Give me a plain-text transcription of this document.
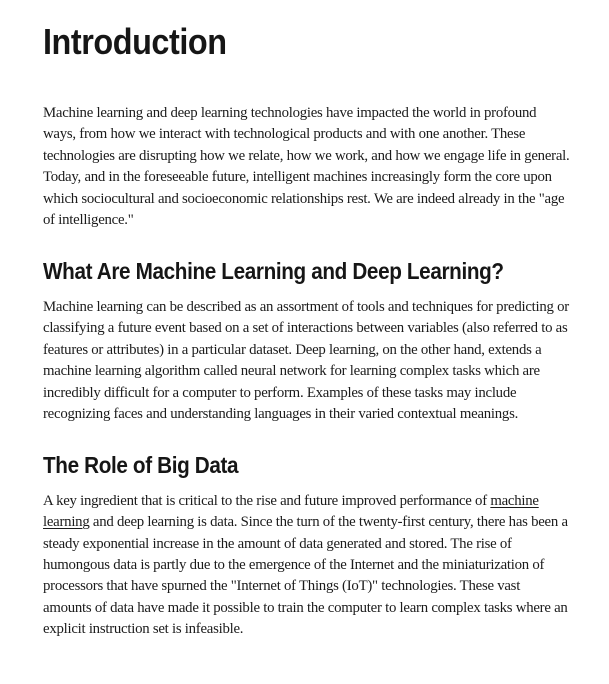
Introduction

Machine learning and deep learning technologies have impacted the world in profound ways, from how we interact with technological products and with one another. These technologies are disrupting how we relate, how we work, and how we engage life in general. Today, and in the foreseeable future, intelligent machines increasingly form the core upon which sociocultural and socioeconomic relationships rest. We are indeed already in the "age of intelligence."

What Are Machine Learning and Deep Learning?

Machine learning can be described as an assortment of tools and techniques for predicting or classifying a future event based on a set of interactions between variables (also referred to as features or attributes) in a particular dataset. Deep learning, on the other hand, extends a machine learning algorithm called neural network for learning complex tasks which are incredibly difficult for a computer to perform. Examples of these tasks may include recognizing faces and understanding languages in their varied contextual meanings.

The Role of Big Data

A key ingredient that is critical to the rise and future improved performance of machine learning and deep learning is data. Since the turn of the twenty-first century, there has been a steady exponential increase in the amount of data generated and stored. The rise of humongous data is partly due to the emergence of the Internet and the miniaturization of processors that have spurned the "Internet of Things (IoT)" technologies. These vast amounts of data have made it possible to train the computer to learn complex tasks where an explicit instruction set is infeasible.
